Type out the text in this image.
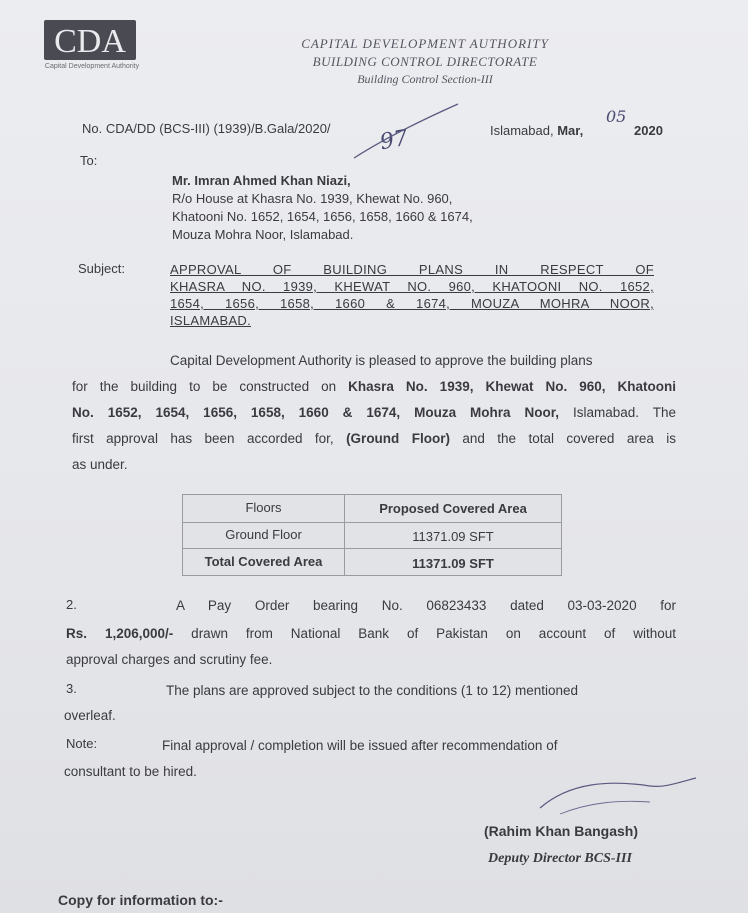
CDA
Capital Development Authority
CAPITAL DEVELOPMENT AUTHORITY
BUILDING CONTROL DIRECTORATE
Building Control Section-III
No. CDA/DD (BCS-III) (1939)/B.Gala/2020/ 97	Islamabad, Mar,
05
2020
To:
Mr. Imran Ahmed Khan Niazi,
R/o House at Khasra No. 1939, Khewat No. 960,
Khatooni No. 1652, 1654, 1656, 1658, 1660 & 1674,
Mouza Mohra Noor, Islamabad.
Subject:	APPROVAL OF BUILDING PLANS IN RESPECT OF
KHASRA NO. 1939, KHEWAT NO. 960, KHATOONI NO. 1652,
1654, 1656, 1658, 1660 & 1674, MOUZA MOHRA NOOR,
ISLAMABAD.

Capital Development Authority is pleased to approve the building plans

for the building to be constructed on Khasra No. 1939, Khewat No. 960, Khatooni

No. 1652, 1654, 1656, 1658, 1660 & 1674, Mouza Mohra Noor, Islamabad. The

first approval has been accorded for, (Ground Floor) and the total covered area is

as under.

Floors	Proposed Covered Area
Ground Floor	11371.09 SFT
Total Covered Area	11371.09 SFT
2.	A Pay Order bearing No. 06823433 dated 03-03-2020 for
Rs. 1,206,000/- drawn from National Bank of Pakistan on account of without
approval charges and scrutiny fee.
3.	The plans are approved subject to the conditions (1 to 12) mentioned
overleaf.
Note:	Final approval / completion will be issued after recommendation of
consultant to be hired.
(Rahim Khan Bangash)
Deputy Director BCS-III
Copy for information to:-
